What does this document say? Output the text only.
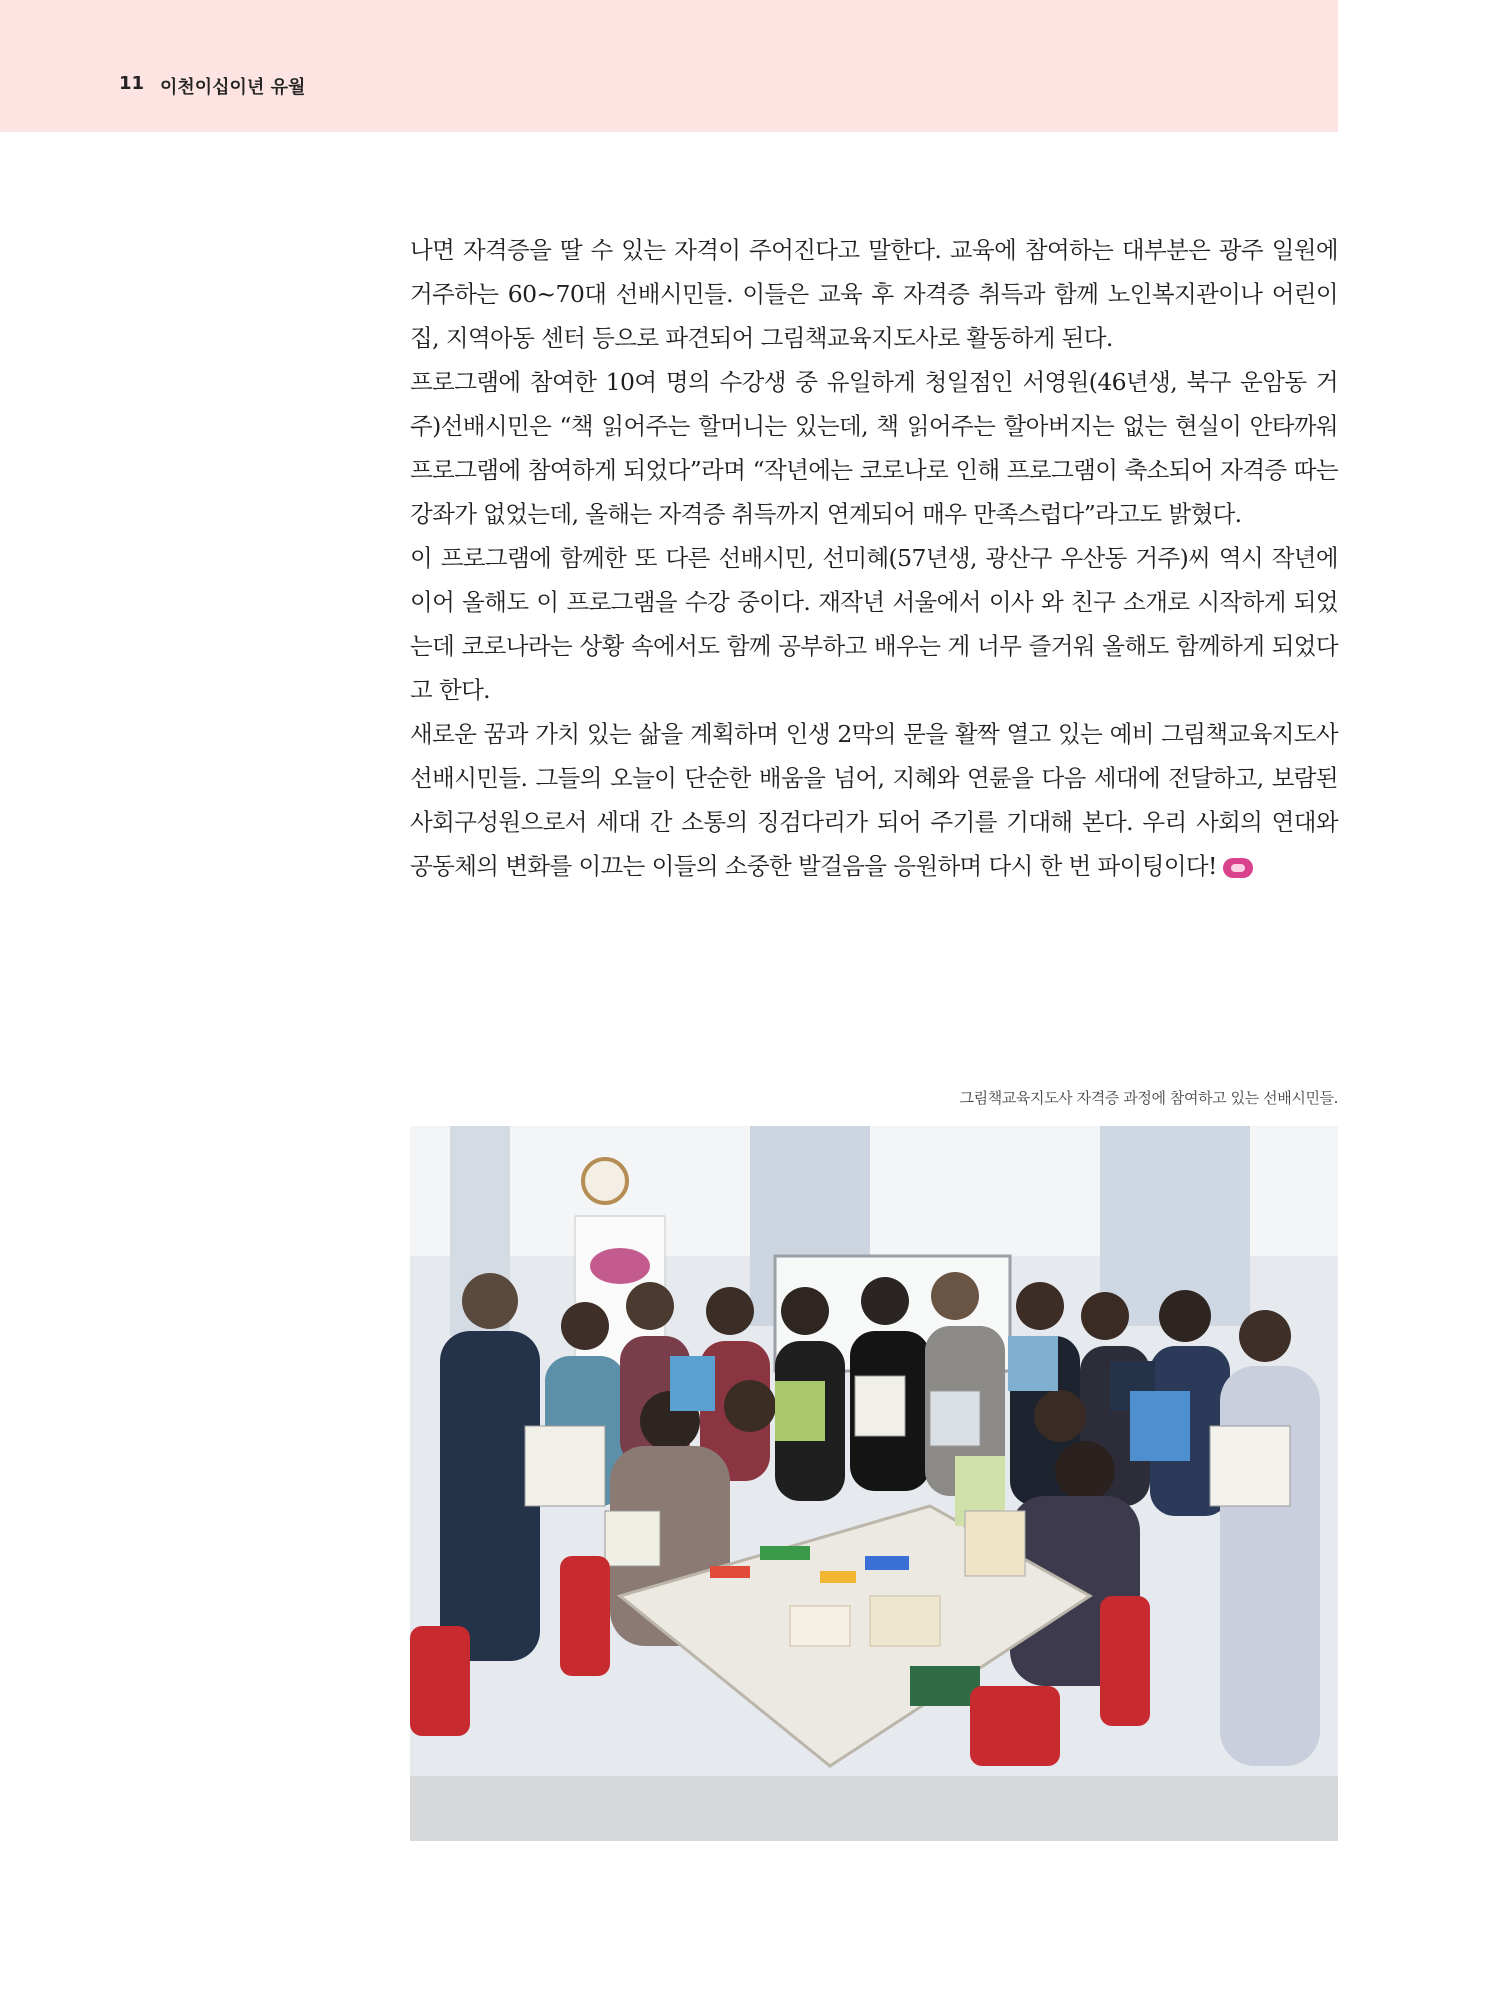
11 이천이십이년 유월

나면 자격증을 딸 수 있는 자격이 주어진다고 말한다. 교육에 참여하는 대부분은 광주 일원에 거주하는 60~70대 선배시민들. 이들은 교육 후 자격증 취득과 함께 노인복지관이나 어린이집, 지역아동 센터 등으로 파견되어 그림책교육지도사로 활동하게 된다.

프로그램에 참여한 10여 명의 수강생 중 유일하게 청일점인 서영원(46년생, 북구 운암동 거주)선배시민은 “책 읽어주는 할머니는 있는데, 책 읽어주는 할아버지는 없는 현실이 안타까워 프로그램에 참여하게 되었다”라며 “작년에는 코로나로 인해 프로그램이 축소되어 자격증 따는 강좌가 없었는데, 올해는 자격증 취득까지 연계되어 매우 만족스럽다”라고도 밝혔다.

이 프로그램에 함께한 또 다른 선배시민, 선미혜(57년생, 광산구 우산동 거주)씨 역시 작년에 이어 올해도 이 프로그램을 수강 중이다. 재작년 서울에서 이사 와 친구 소개로 시작하게 되었는데 코로나라는 상황 속에서도 함께 공부하고 배우는 게 너무 즐거워 올해도 함께하게 되었다고 한다.

새로운 꿈과 가치 있는 삶을 계획하며 인생 2막의 문을 활짝 열고 있는 예비 그림책교육지도사 선배시민들. 그들의 오늘이 단순한 배움을 넘어, 지혜와 연륜을 다음 세대에 전달하고, 보람된 사회구성원으로서 세대 간 소통의 징검다리가 되어 주기를 기대해 본다. 우리 사회의 연대와 공동체의 변화를 이끄는 이들의 소중한 발걸음을 응원하며 다시 한 번 파이팅이다!

그림책교육지도사 자격증 과정에 참여하고 있는 선배시민들.
